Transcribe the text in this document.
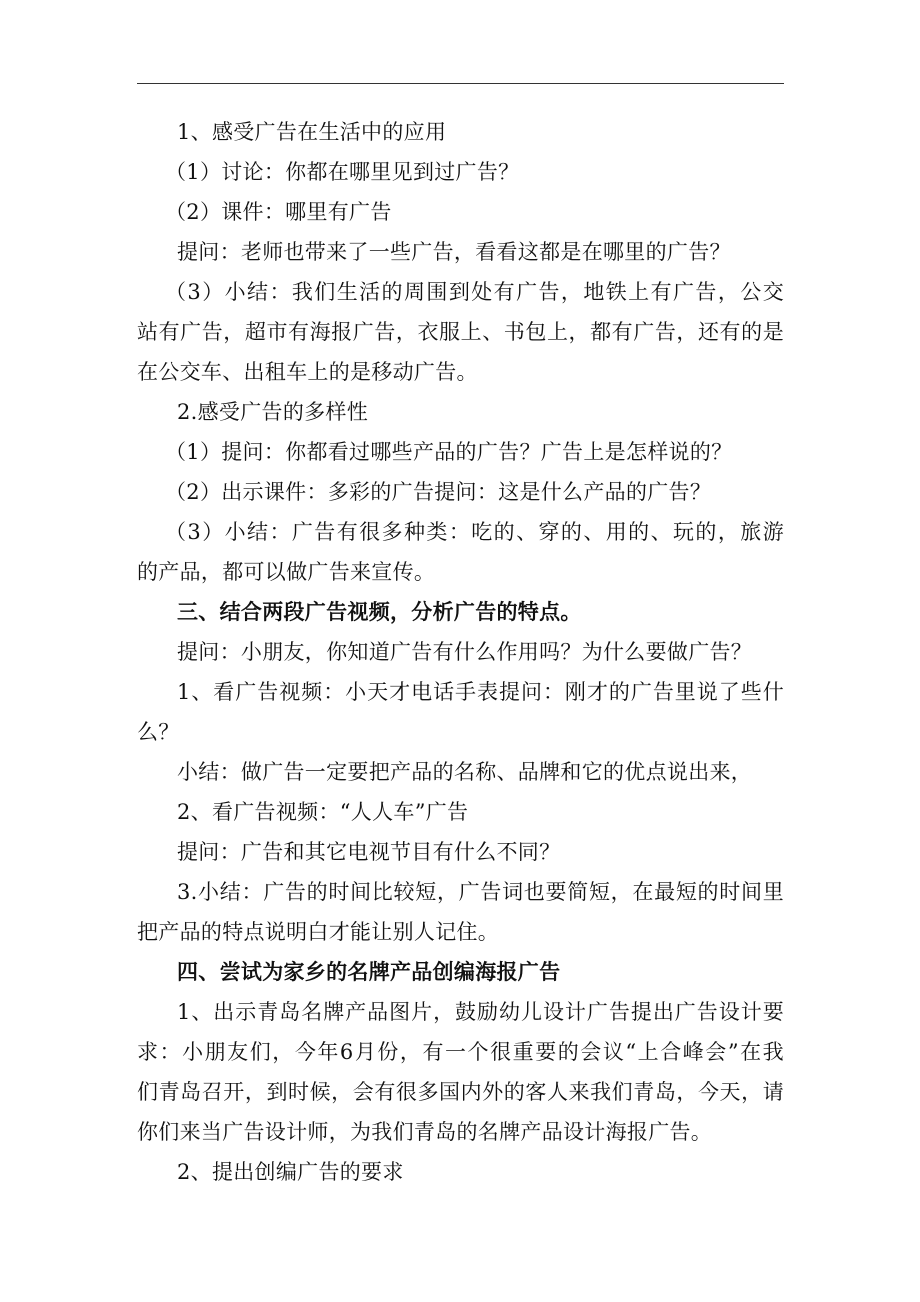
1、感受广告在生活中的应用
（1）讨论：你都在哪里见到过广告？
（2）课件：哪里有广告
提问：老师也带来了一些广告，看看这都是在哪里的广告？
（3）小结：我们生活的周围到处有广告，地铁上有广告，公交
站有广告，超市有海报广告，衣服上、书包上，都有广告，还有的是
在公交车、出租车上的是移动广告。
2.感受广告的多样性
（1）提问：你都看过哪些产品的广告？广告上是怎样说的？
（2）出示课件：多彩的广告提问：这是什么产品的广告？
（3）小结：广告有很多种类：吃的、穿的、用的、玩的，旅游
的产品，都可以做广告来宣传。
三、结合两段广告视频，分析广告的特点。
提问：小朋友，你知道广告有什么作用吗？为什么要做广告？
1、看广告视频：小天才电话手表提问：刚才的广告里说了些什
么？
小结：做广告一定要把产品的名称、品牌和它的优点说出来，
2、看广告视频：“人人车”广告
提问：广告和其它电视节目有什么不同？
3.小结：广告的时间比较短，广告词也要简短，在最短的时间里
把产品的特点说明白才能让别人记住。
四、尝试为家乡的名牌产品创编海报广告
1、出示青岛名牌产品图片，鼓励幼儿设计广告提出广告设计要
求：小朋友们，今年6月份，有一个很重要的会议“上合峰会”在我
们青岛召开，到时候，会有很多国内外的客人来我们青岛，今天，请
你们来当广告设计师，为我们青岛的名牌产品设计海报广告。
2、提出创编广告的要求
